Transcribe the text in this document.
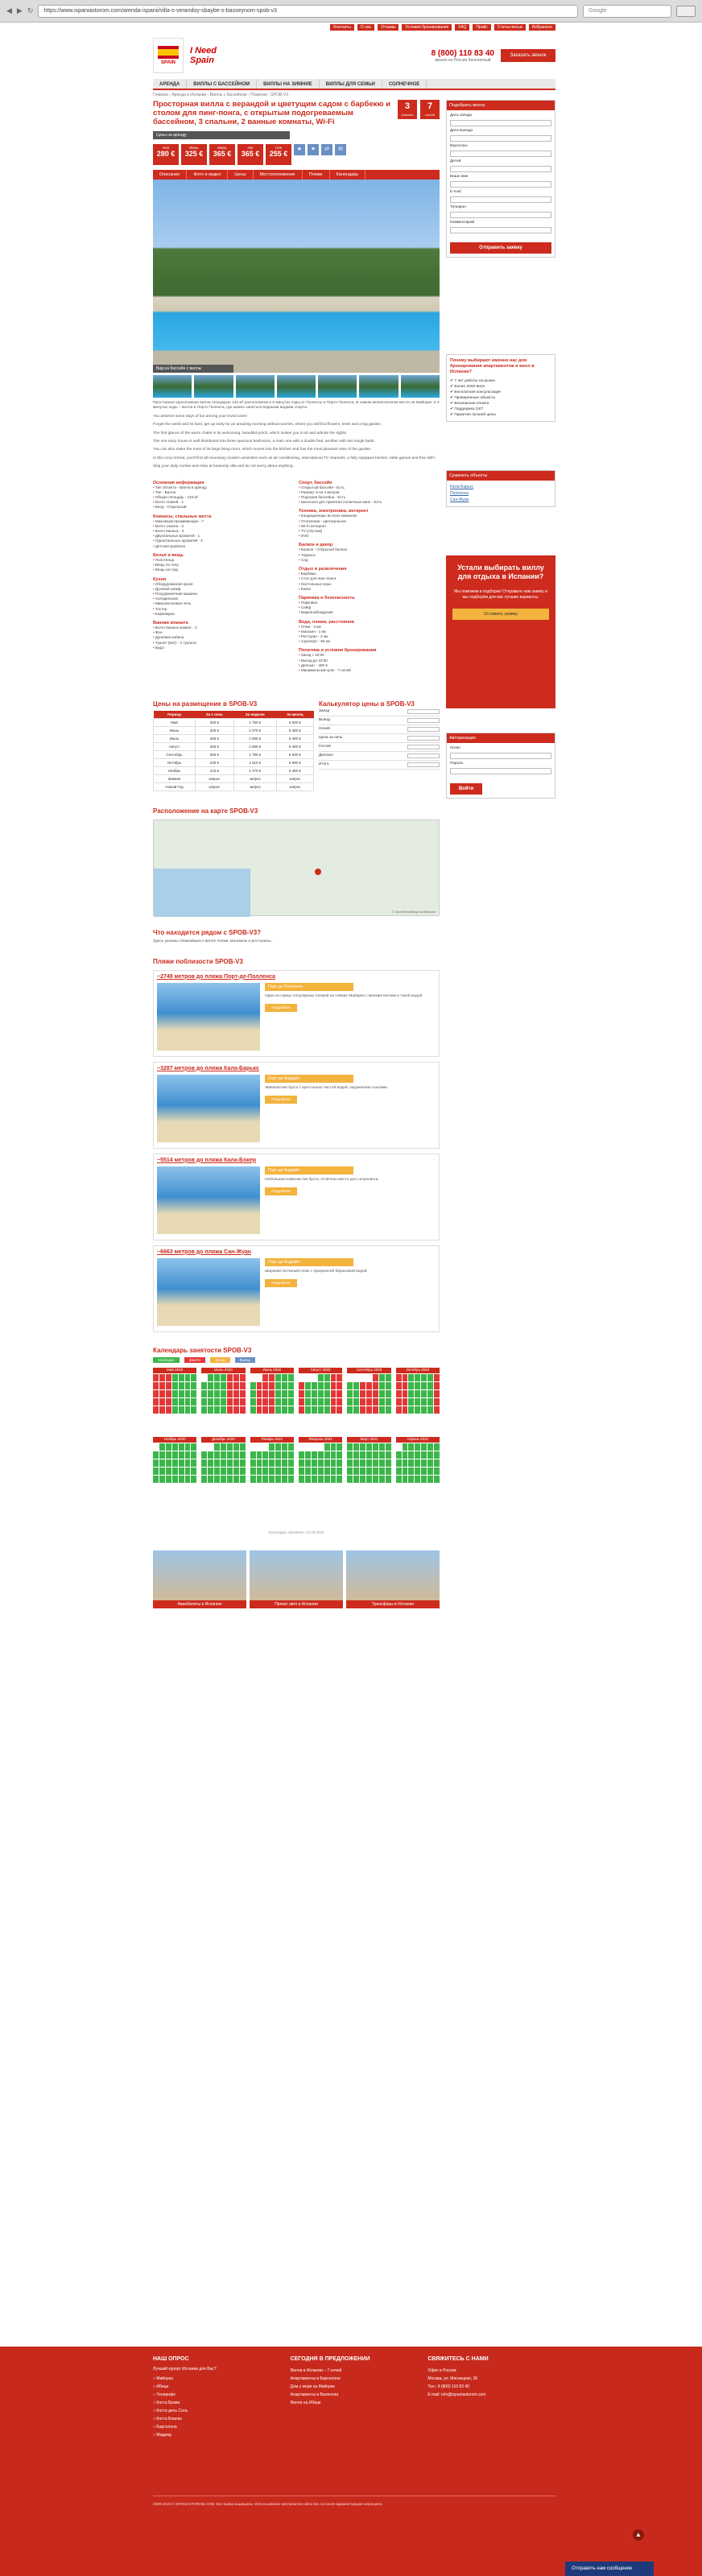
◀ ▶ ↻	https://www.ispaniastorom.com/arenda-ispanii/villa-s-verandoy-sbaybe-s-basseynom-spob-v3	Google
Контакты	О нас	Отзывы	Условия бронирования	FAQ	Прайс	Статьи весьи	Избранное
SPAIN
I Need Spain
8 (800) 110 83 40
звонок по России бесплатный
Заказать звонок
АРЕНДА	ВИЛЛЫ С БАССЕЙНОМ	ВИЛЛЫ НА ЗИМНИЕ	ВИЛЛЫ ДЛЯ СЕМЬИ	СОЛНЕЧНОЕ
Главная › Аренда в Испании › Виллы с бассейном › Пожилая › SPOB-V3
Просторная вилла с верандой и цветущим садом с барбекю и столом для пинг-понга, с открытым подогреваемым бассейном, 3 спальни, 2 ванные комнаты, Wi-Fi
3
спальни
7
гостей
Цены на аренду
Ноя
280 €
Июнь
325 €
Июль
365 €
Авг
365 €
Сен
255 €
★	♥	⇄	✉
Описание	Фото и видео	Цены	Местоположение	Пляжи	Календарь
Вид на бассейн с виллы

Просторная одноэтажная вилла площадью 140 м² расположена в 5 минутах езды от Поленсы и Порто Поленса. В самом великолепном месте на Майорке, в 3 минутах езды – вилла в Порто Поленса, где можно заняться водными видами спорта.

You deserve some days of fun among your loved ones!

Forget the world and its hard, get up early for an amazing morning without worries, where you will find flowers, trees and a big garden.

The first glance of the warm chalet is its welcoming, beautiful porch, which invites you to sit and admire the sights.

The one story house is well distributed into three spacious bedrooms, a main one with a double bed, another with two single beds.

You can also make the most of its large living room, which moves into the kitchen and has the most pleasant view of the garden.

In this cozy retreat, you'll find all necessary modern amenities such as air conditioning, international TV channels, a fully equipped kitchen, table games and free WiFi.

Skip your daily routine and relax at heavenly villa and do not worry about anything.

Основная информация
• Тип объекта - Вилла в аренду
• Тип - Вилла
• Общая площадь - 140 м²
• Всего этажей - 1
• Вход - Отдельный
Комнаты, спальные места
• Максимум проживающих - 7
• Всего спален - 3
• Всего ванных - 2
• Двуспальных кроватей - 1
• Односпальных кроватей - 4
• Детская кроватка
Бельё и вещь
• Полотенца
• Вещь по телу
• Вещь на гору
Кухня
• Оборудованная кухня
• Духовой шкаф
• Посудомоечная машина
• Холодильник
• Микроволновая печь
• Тостер
• Кофеварка
Ванная комната
• Всего ванных комнат - 2
• Фен
• Душевая кабина
• Туалет (WC) - 2 туалета
• Бидэ
Спорт, бассейн
• Открытый бассейн - Есть
• Размер: 8 на 4 метров
• Подогрев бассейна - Есть
• Шезлонги для принятия солнечных ванн - Есть
Техника, электроника, интернет
• Кондиционеры во всех комнатах
• Отопление - Центральное
• Wi-Fi интернет
• TV (спутник)
• DVD
Балкон и декор
• Балкон - Открытый балкон
• Терраса
• Сад
Отдых и развлечения
• Барбекю
• Стол для пинг-понга
• Настольные игры
• Книги
Парковка и безопасность
• Парковка
• Сейф
• Видеонаблюдение
Вода, пляжи, расстояния
• Пляж - 3 км
• Магазин - 1 км
• Ресторан - 2 км
• Аэропорт - 60 км
Политика и условия бронирования
• Заезд с 16:00
• Выезд до 10:00
• Депозит - 300 €
• Минимальный срок - 7 ночей
Цены на размещение в SPOB-V3
Период	За 1 ночь	За неделю	За месяц
Май	250 €	1 750 €	6 500 €
Июнь	325 €	2 275 €	8 450 €
Июль	365 €	2 555 €	9 490 €
Август	365 €	2 555 €	9 490 €
Сентябрь	255 €	1 785 €	6 630 €
Октябрь	230 €	1 610 €	5 980 €
Ноябрь	210 €	1 470 €	5 460 €
Зимние	запрос	запрос	запрос
Новый Год	запрос	запрос	запрос
Калькулятор цены в SPOB-V3
Заезд
Выезд
Ночей
Цена за ночь
Гостей
Депозит
Итого
Расположение на карте SPOB-V3
© OpenStreetMap contributors
Что находится рядом с SPOB-V3?

Здесь указаны ближайшие к вилле пляжи, магазины и рестораны.

Пляжи поблизости SPOB-V3
~2749 метров до пляжа Порт-де-Полленса
Порт де Полленса

Один из самых популярных пляжей на севере Майорки с мелким песком и тихой водой.

Подробнее
~3287 метров до пляжа Кала-Барькс
Порт де Андрайч

Живописная бухта с кристально чистой водой, окружённая скалами.

Подробнее
~5514 метров до пляжа Кала-Бокер
Порт де Андрайч

Небольшая каменистая бухта, отличное место для снорклинга.

Подробнее
~6663 метров до пляжа Сан-Жуан
Порт де Андрайч

Широкий песчаный пляж с прозрачной бирюзовой водой.

Подробнее
Календарь занятости SPOB-V3
Свободно	Занято	Заезд	Выезд
Май 2020	Июнь 2020	Июль 2020	Август 2020	Сентябрь 2020	Октябрь 2020
Ноябрь 2020	Декабрь 2020	Январь 2021	Февраль 2021	Март 2021	Апрель 2021
Календарь обновлен: 22.09.2019
Авиабилеты в Испанию	Прокат авто в Испании	Трансферы в Испании
Подобрать виллу
Дата заезда
Дата выезда
Взрослых
Детей
Ваше имя
E-mail
Телефон
Комментарий
Отправить заявку
Почему выбирают именно нас для бронирования апартаментов и вилл в Испании?
✔ 7 лет работы на рынке
✔ Более 2000 вилл
✔ Бесплатная консультация
✔ Проверенные объекты
✔ Безопасная оплата
✔ Поддержка 24/7
✔ Гарантия лучшей цены
Сравнить объекты
Кала-Барькс
Полленса
Сан-Жуан
Устали выбирать виллу для отдыха в Испании?

Мы поможем в подборке! Отправьте нам заявку и мы подберём для вас лучшие варианты.

Оставить заявку
Авторизация
Логин
Пароль
Войти
НАШ ОПРОС
Лучший курорт Испании для Вас?
○ Майорка
○ Ибица
○ Тенерифе
○ Коста Брава
○ Коста дель Соль
○ Коста Бланка
○ Барселона
○ Мадрид
СЕГОДНЯ В ПРЕДЛОЖЕНИИ
Вилла в Испании – 7 ночей
Апартаменты в Барселоне
Дом у моря на Майорке
Апартаменты в Валенсии
Вилла на Ибице
СВЯЖИТЕСЬ С НАМИ
Офис в России
Москва, ул. Мясницкая, 35
Тел.: 8 (800) 110 83 40
E-mail: info@ispaniastorom.com
2009-2019 © ISPANIASTOROM.COM. Все права защищены. Использование материалов сайта без согласия администрации запрещено.
▲
Отправить нам сообщение
